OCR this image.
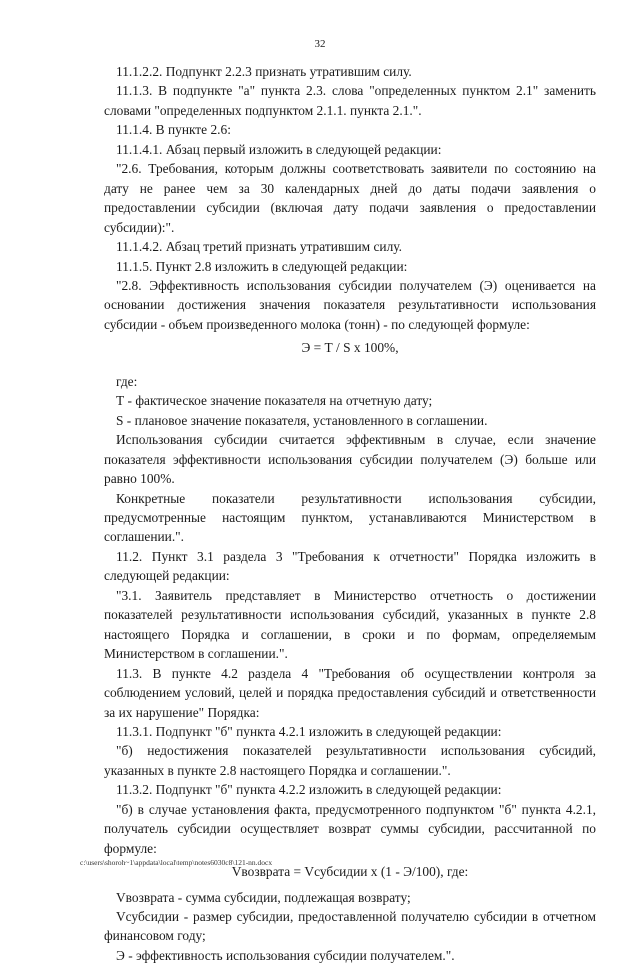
32

11.1.2.2. Подпункт 2.2.3 признать утратившим силу.

11.1.3. В подпункте "а" пункта 2.3. слова "определенных пунктом 2.1" заменить словами "определенных подпунктом 2.1.1. пункта 2.1.".

11.1.4. В пункте 2.6:

11.1.4.1. Абзац первый изложить в следующей редакции:

"2.6. Требования, которым должны соответствовать заявители по состоянию на дату не ранее чем за 30 календарных дней до даты подачи заявления о предоставлении субсидии (включая дату подачи заявления о предоставлении субсидии):".

11.1.4.2. Абзац третий признать утратившим силу.

11.1.5. Пункт 2.8 изложить в следующей редакции:

"2.8. Эффективность использования субсидии получателем (Э) оценивается на основании достижения значения показателя результативности использования субсидии - объем произведенного молока (тонн) - по следующей формуле:

Э = Т / S x 100%,

где:

Т - фактическое значение показателя на отчетную дату;

S - плановое значение показателя, установленного в соглашении.

Использования субсидии считается эффективным в случае, если значение показателя эффективности использования субсидии получателем (Э) больше или равно 100%.

Конкретные показатели результативности использования субсидии, предусмотренные настоящим пунктом, устанавливаются Министерством в соглашении.".

11.2. Пункт 3.1 раздела 3 "Требования к отчетности" Порядка изложить в следующей редакции:

"3.1. Заявитель представляет в Министерство отчетность о достижении показателей результативности использования субсидий, указанных в пункте 2.8 настоящего Порядка и соглашении, в сроки и по формам, определяемым Министерством в соглашении.".

11.3. В пункте 4.2 раздела 4 "Требования об осуществлении контроля за соблюдением условий, целей и порядка предоставления субсидий и ответственности за их нарушение" Порядка:

11.3.1. Подпункт "б" пункта 4.2.1 изложить в следующей редакции:

"б) недостижения показателей результативности использования субсидий, указанных в пункте 2.8 настоящего Порядка и соглашении.".

11.3.2. Подпункт "б" пункта 4.2.2 изложить в следующей редакции:

"б) в случае установления факта, предусмотренного подпунктом "б" пункта 4.2.1, получатель субсидии осуществляет возврат суммы субсидии, рассчитанной по формуле:

Vвозврата = Vсубсидии x (1 - Э/100), где:

Vвозврата - сумма субсидии, подлежащая возврату;

Vсубсидии - размер субсидии, предоставленной получателю субсидии в отчетном финансовом году;

Э - эффективность использования субсидии получателем.".

c:\users\shoroh~1\appdata\local\temp\notes6030c8\121-nn.docx
